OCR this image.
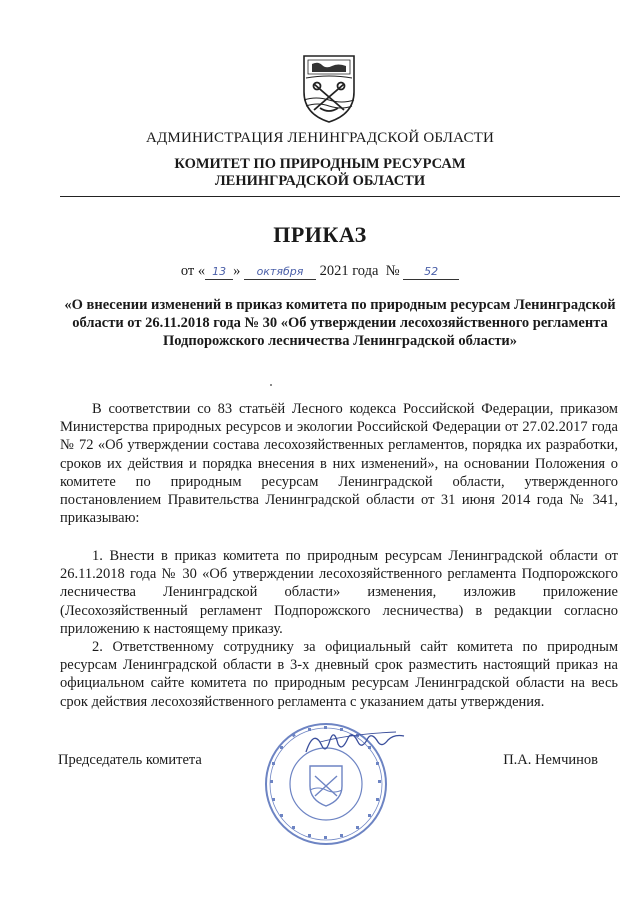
АДМИНИСТРАЦИЯ ЛЕНИНГРАДСКОЙ ОБЛАСТИ
КОМИТЕТ ПО ПРИРОДНЫМ РЕСУРСАМ
ЛЕНИНГРАДСКОЙ ОБЛАСТИ
ПРИКАЗ
от « 13 » октября 2021 года № 52
«О внесении изменений в приказ комитета по природным ресурсам Ленинградской области от 26.11.2018 года № 30 «Об утверждении лесохозяйственного регламента Подпорожского лесничества Ленинградской области»
В соответствии со 83 статьёй Лесного кодекса Российской Федерации, приказом Министерства природных ресурсов и экологии Российской Федерации от 27.02.2017 года № 72 «Об утверждении состава лесохозяйственных регламентов, порядка их разработки, сроков их действия и порядка внесения в них изменений», на основании Положения о комитете по природным ресурсам Ленинградской области, утвержденного постановлением Правительства Ленинградской области от 31 июня 2014 года № 341, приказываю:

1. Внести в приказ комитета по природным ресурсам Ленинградской области от 26.11.2018 года № 30 «Об утверждении лесохозяйственного регламента Подпорожского лесничества Ленинградской области» изменения, изложив приложение (Лесохозяйственный регламент Подпорожского лесничества) в редакции согласно приложению к настоящему приказу.

2. Ответственному сотруднику за официальный сайт комитета по природным ресурсам Ленинградской области в 3-х дневный срок разместить настоящий приказ на официальном сайте комитета по природным ресурсам Ленинградской области на весь срок действия лесохозяйственного регламента с указанием даты утверждения.

Председатель комитета	П.А. Немчинов
